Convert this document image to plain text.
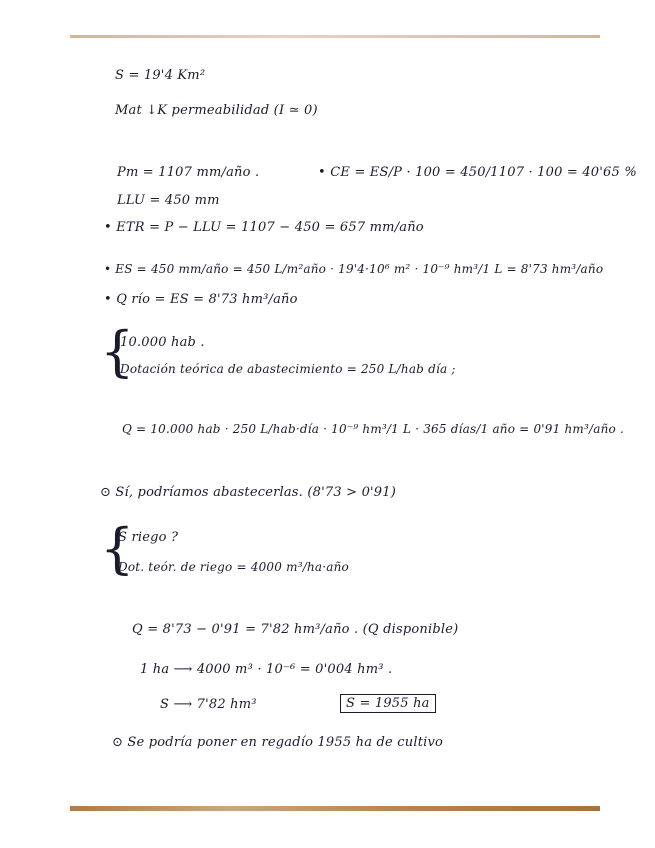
S = 19'4 Km²
Mat ↓K permeabilidad (I ≃ 0)
Pm = 1107 mm/año .	• CE = ES/P · 100 = 450/1107 · 100 = 40'65 %
LLU = 450 mm
• ETR = P − LLU = 1107 − 450 = 657 mm/año
• ES = 450 mm/año = 450 L/m²año · 19'4·10⁶ m² · 10⁻⁹ hm³/1 L = 8'73 hm³/año
• Q río = ES = 8'73 hm³/año
{
10.000 hab .
Dotación teórica de abastecimiento = 250 L/hab día ;
Q = 10.000 hab · 250 L/hab·día · 10⁻⁹ hm³/1 L · 365 días/1 año = 0'91 hm³/año .
⊙ Sí, podríamos abastecerlas. (8'73 > 0'91)
{
S riego ?
Dot. teór. de riego = 4000 m³/ha·año
Q = 8'73 − 0'91 = 7'82 hm³/año . (Q disponible)
1 ha ⟶ 4000 m³ · 10⁻⁶ = 0'004 hm³ .
S ⟶ 7'82 hm³	S = 1955 ha
⊙ Se podría poner en regadío 1955 ha de cultivo
